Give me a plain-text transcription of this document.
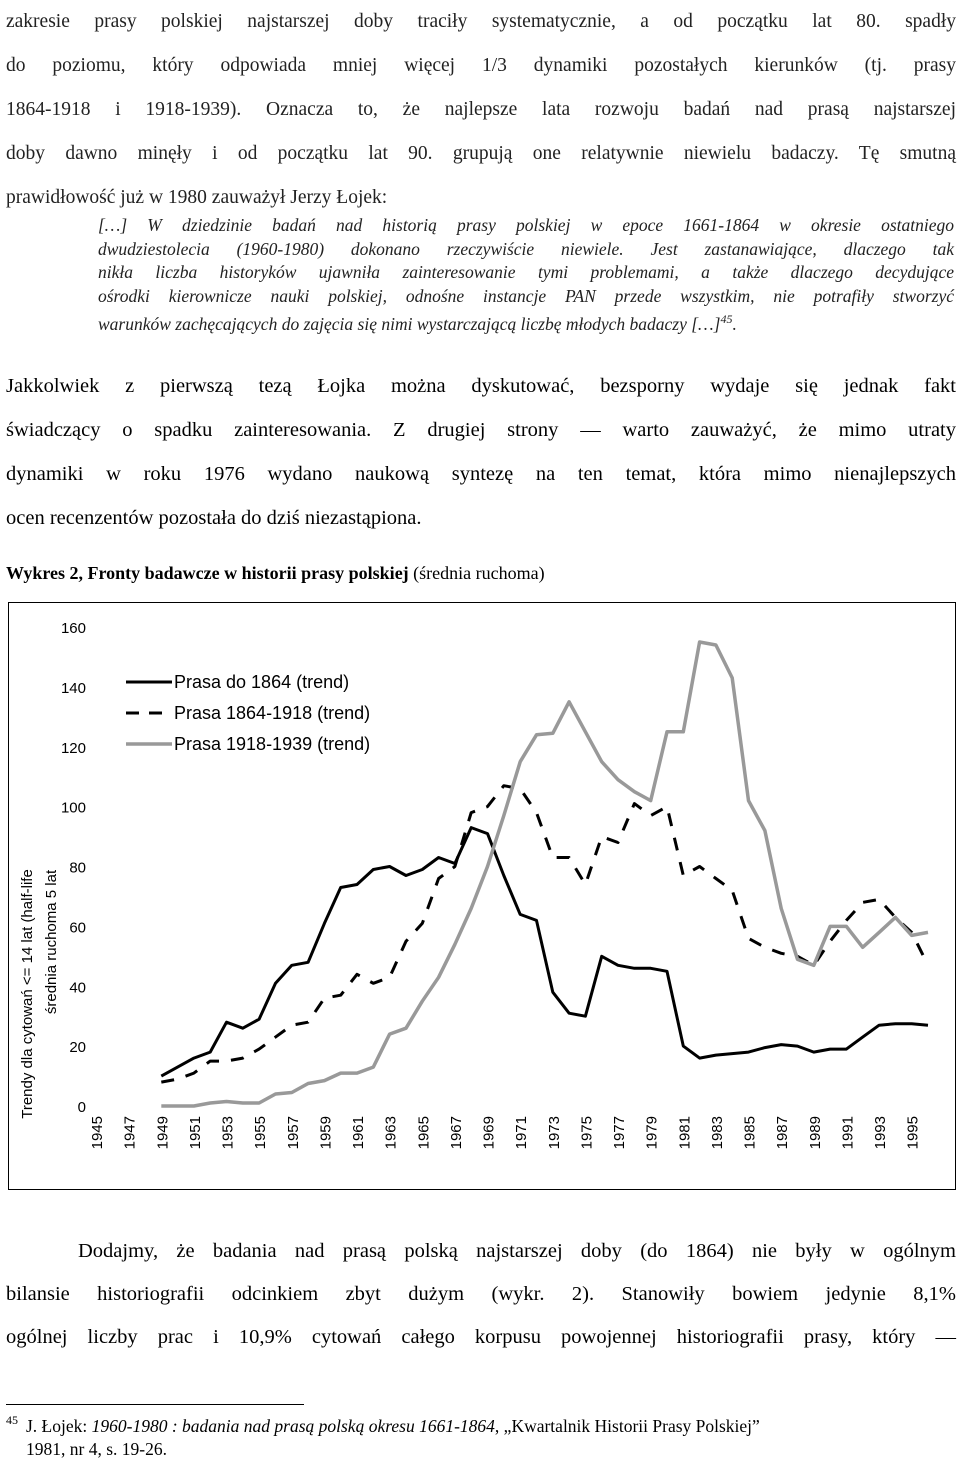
zakresie prasy polskiej najstarszej doby traciły systematycznie, a od początku lat 80. spadły
do poziomu, który odpowiada mniej więcej 1/3 dynamiki pozostałych kierunków (tj. prasy
1864-1918 i 1918-1939). Oznacza to, że najlepsze lata rozwoju badań nad prasą najstarszej
doby dawno minęły i od początku lat 90. grupują one relatywnie niewielu badaczy. Tę smutną
prawidłowość już w 1980 zauważył Jerzy Łojek:

[…] W dziedzinie badań nad historią prasy polskiej w epoce 1661-1864 w okresie ostatniego
dwudziestolecia (1960-1980) dokonano rzeczywiście niewiele. Jest zastanawiające, dlaczego tak
nikła liczba historyków ujawniła zainteresowanie tymi problemami, a także dlaczego decydujące
ośrodki kierownicze nauki polskiej, odnośne instancje PAN przede wszystkim, nie potrafiły stworzyć
warunków zachęcających do zajęcia się nimi wystarczającą liczbę młodych badaczy […]$^{45}$.

Jakkolwiek z pierwszą tezą Łojka można dyskutować, bezsporny wydaje się jednak fakt
świadczący o spadku zainteresowania. Z drugiej strony — warto zauważyć, że mimo utraty
dynamiki w roku 1976 wydano naukową syntezę na ten temat, która mimo nienajlepszych
ocen recenzentów pozostała do dziś niezastąpiona.

Wykres 2, Fronty badawcze w historii prasy polskiej (średnia ruchoma)
Trendy dla cytowań <= 14 lat (half-life średnia ruchoma 5 lat
0
20
40
60
80
100
120
140
160
1945 1947 1949 1951 1953 1955 1957 1959 1961 1963 1965 1967 1969 1971 1973 1975 1977 1979 1981 1983 1985 1987 1989 1991 1993 1995
Prasa do 1864 (trend)
Prasa 1864-1918 (trend)
Prasa 1918-1939 (trend)

Dodajmy, że badania nad prasą polską najstarszej doby (do 1864) nie były w ogólnym
bilansie historiografii odcinkiem zbyt dużym (wykr. 2). Stanowiły bowiem jedynie 8,1%
ogólnej liczby prac i 10,9% cytowań całego korpusu powojennej historiografii prasy, który —

45 J. Łojek: 1960-1980 : badania nad prasą polską okresu 1661-1864, „Kwartalnik Historii Prasy Polskiej”
1981, nr 4, s. 19-26.
